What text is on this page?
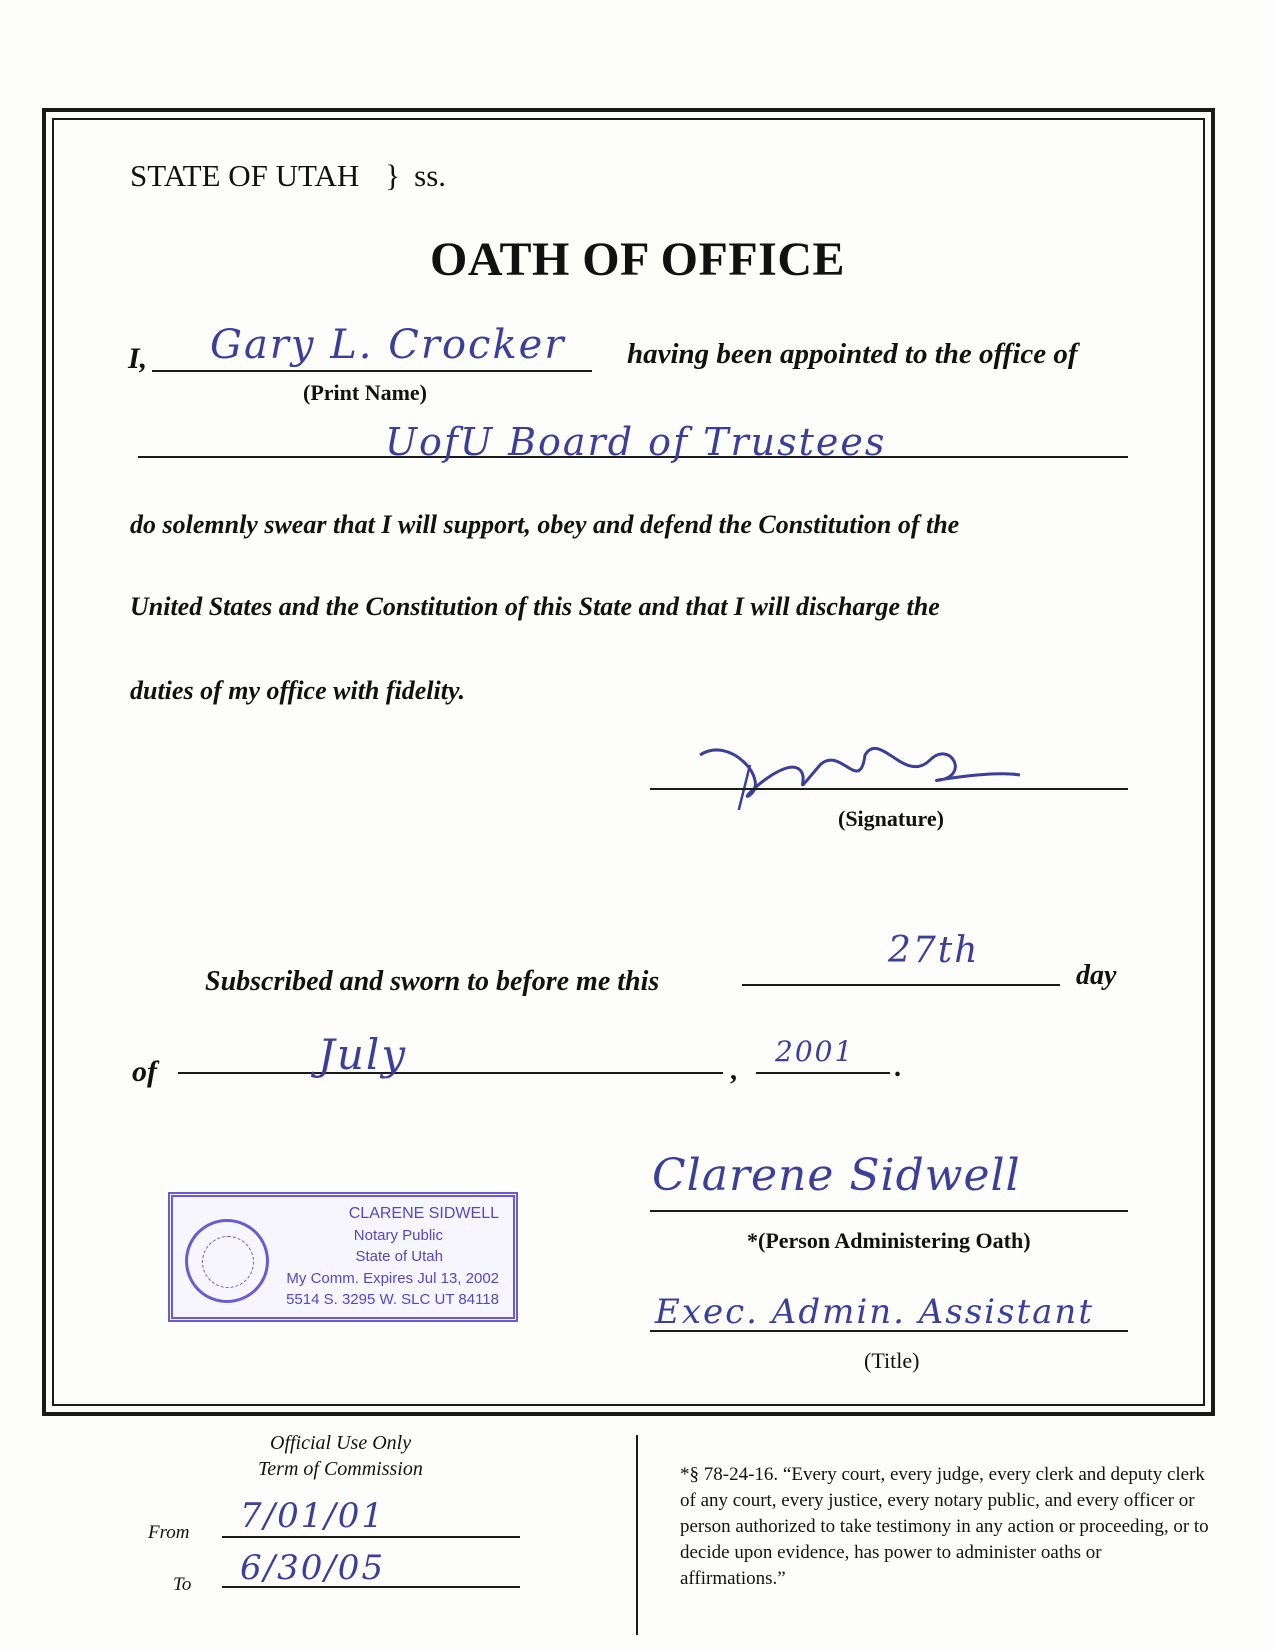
STATE OF UTAH } ss.
OATH OF OFFICE
I, Gary L. Crocker
(Print Name)
having been appointed to the office of
UofU Board of Trustees
do solemnly swear that I will support, obey and defend the Constitution of the
United States and the Constitution of this State and that I will discharge the
duties of my office with fidelity.
(Signature)
Subscribed and sworn to before me this
27th
day
of	July	,
2001 .
CLARENE SIDWELL
Notary Public
State of Utah
My Comm. Expires Jul 13, 2002
5514 S. 3295 W. SLC UT 84118
Clarene Sidwell
*(Person Administering Oath)
Exec. Admin. Assistant
(Title)
Official Use Only
Term of Commission
From 7/01/01
To 6/30/05
*§ 78-24-16. “Every court, every judge, every clerk and deputy clerk of any court, every justice, every notary public, and every officer or person authorized to take testimony in any action or proceeding, or to decide upon evidence, has power to administer oaths or affirmations.”
